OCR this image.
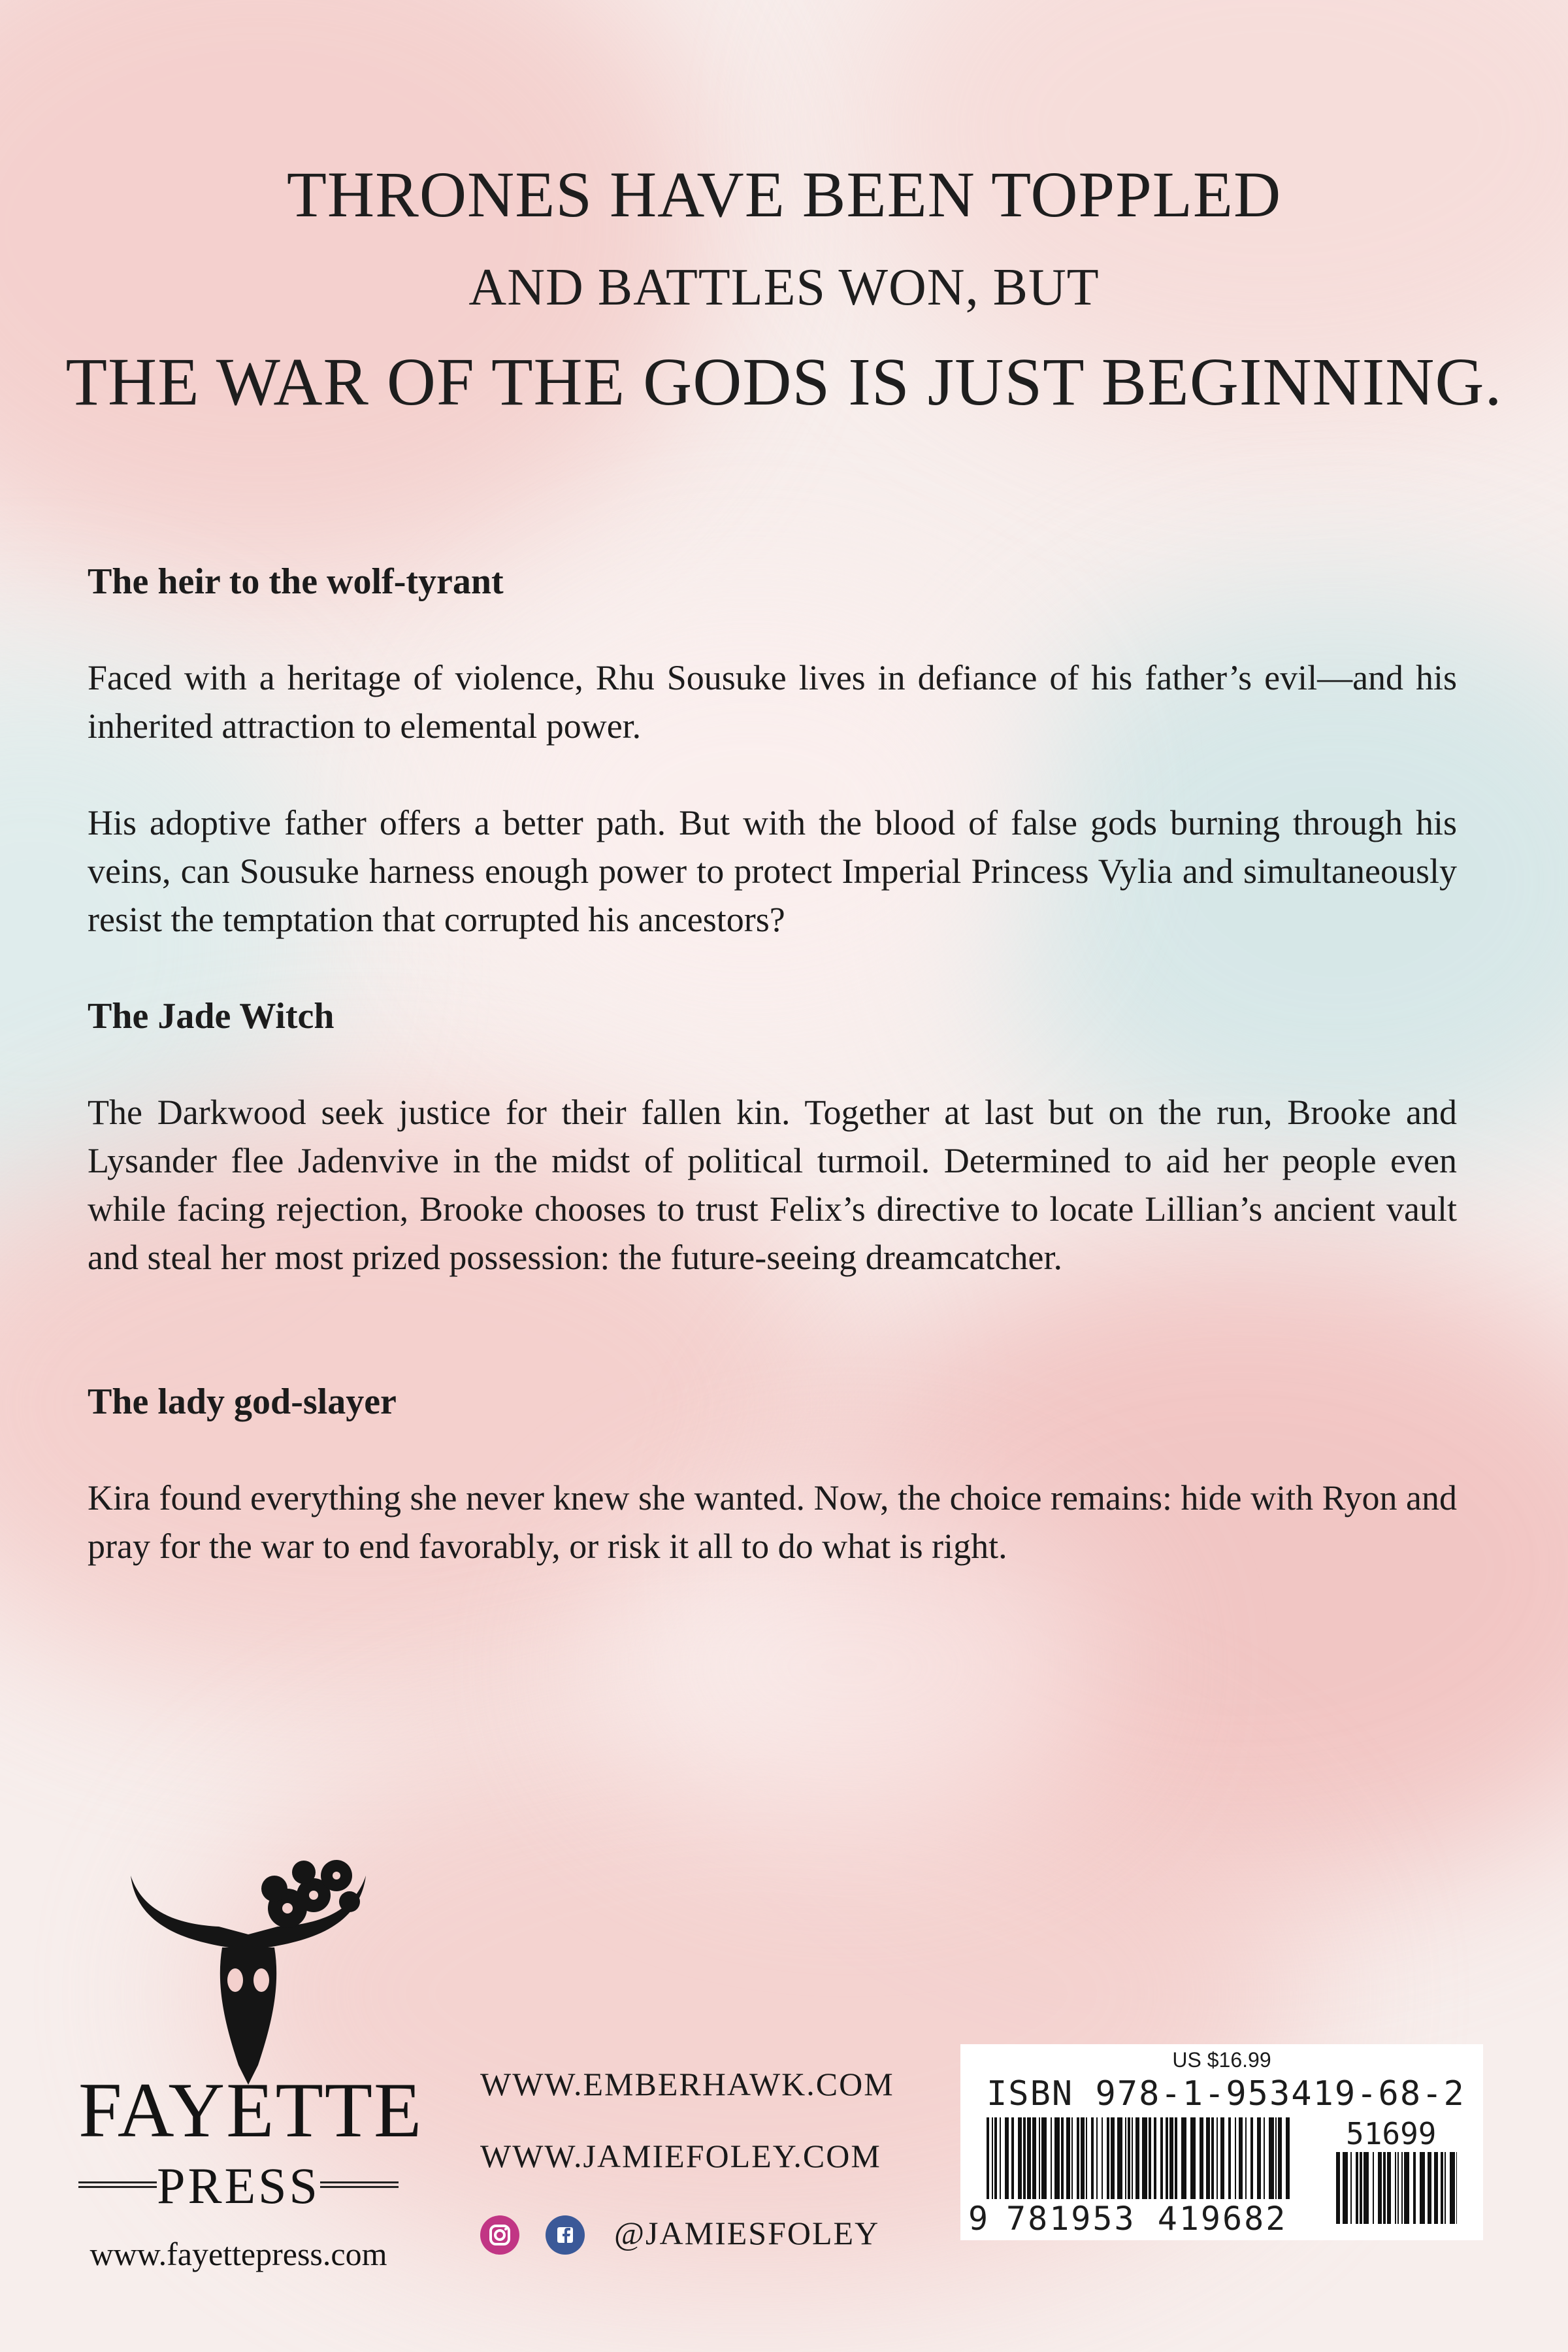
THRONES HAVE BEEN TOPPLED
AND BATTLES WON, BUT
THE WAR OF THE GODS IS JUST BEGINNING.

The heir to the wolf-tyrant

Faced with a heritage of violence, Rhu Sousuke lives in defiance of his father’s evil—and his inherited attraction to elemental power.

His adoptive father offers a better path. But with the blood of false gods burning through his veins, can Sousuke harness enough power to protect Imperial Princess Vylia and simultaneously resist the temptation that corrupted his ancestors?

The Jade Witch

The Darkwood seek justice for their fallen kin. Together at last but on the run, Brooke and Lysander flee Jadenvive in the midst of political turmoil. Determined to aid her people even while facing rejection, Brooke chooses to trust Felix’s directive to locate Lillian’s ancient vault and steal her most prized possession: the future-seeing dreamcatcher.

The lady god-slayer

Kira found everything she never knew she wanted. Now, the choice remains: hide with Ryon and pray for the war to end favorably, or risk it all to do what is right.

FAYETTE
PRESS
www.fayettepress.com
WWW.EMBERHAWK.COM
WWW.JAMIEFOLEY.COM
@JAMIESFOLEY
US $16.99
ISBN 978-1-953419-68-2
51699
9 781953 419682
